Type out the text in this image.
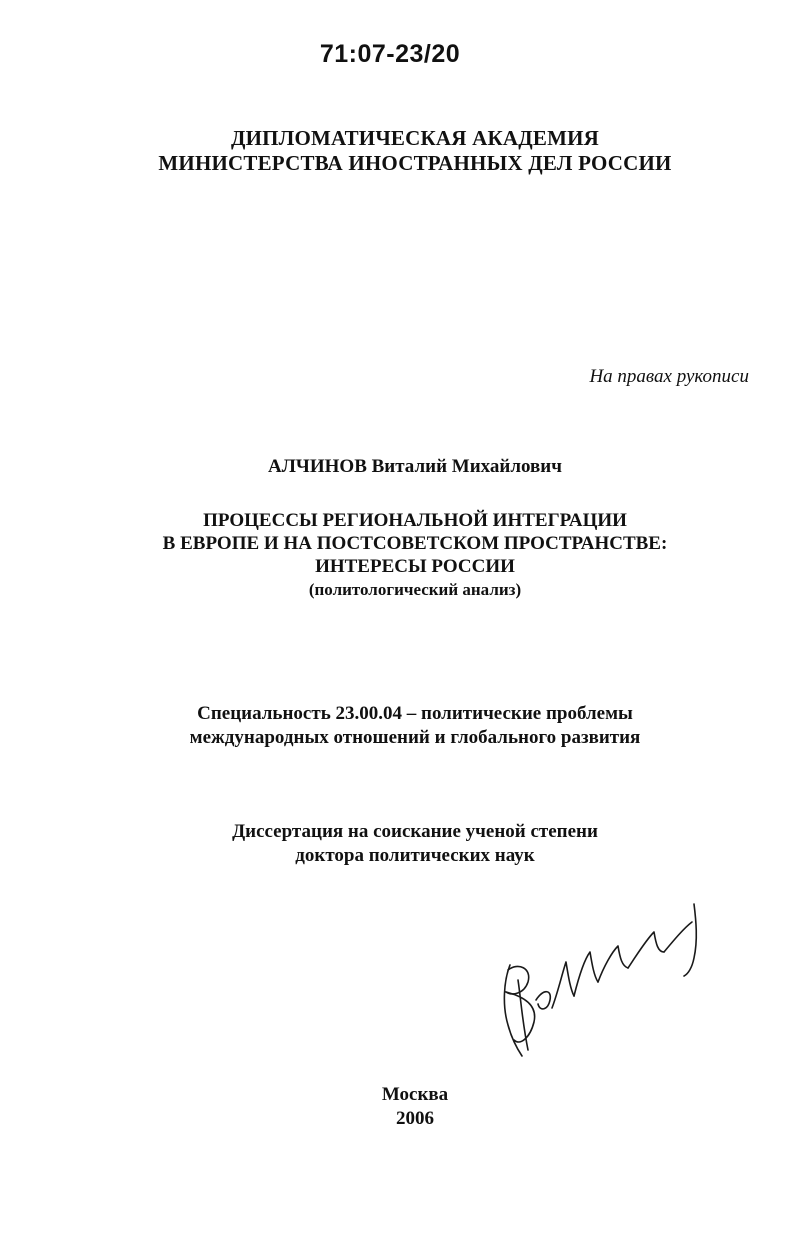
71:07-23/20
ДИПЛОМАТИЧЕСКАЯ АКАДЕМИЯ
МИНИСТЕРСТВА ИНОСТРАННЫХ ДЕЛ РОССИИ
На правах рукописи
АЛЧИНОВ Виталий Михайлович
ПРОЦЕССЫ РЕГИОНАЛЬНОЙ ИНТЕГРАЦИИ
В ЕВРОПЕ И НА ПОСТСОВЕТСКОМ ПРОСТРАНСТВЕ:
ИНТЕРЕСЫ РОССИИ
(политологический анализ)
Специальность 23.00.04 – политические проблемы
международных отношений и глобального развития
Диссертация на соискание ученой степени
доктора политических наук
Москва
2006
